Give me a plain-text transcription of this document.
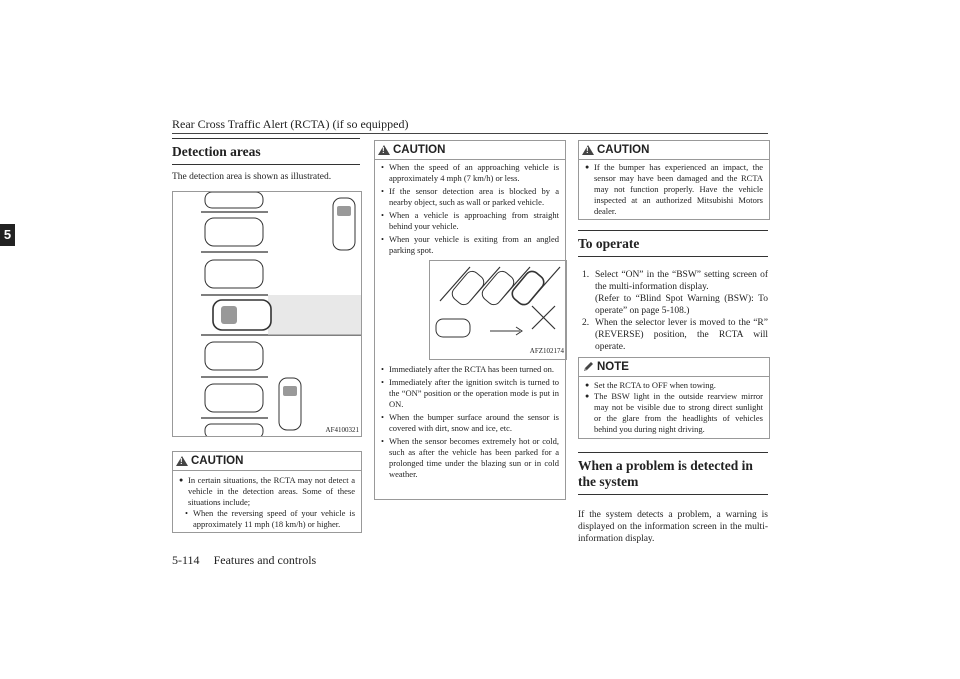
Rear Cross Traffic Alert (RCTA) (if so equipped)
5
Detection areas
The detection area is shown as illustrated.
AF4100321
!
CAUTION
● In certain situations, the RCTA may not detect a vehicle in the detection areas. Some of these situations include;
• When the reversing speed of your vehicle is approximately 11 mph (18 km/h) or higher.
!
CAUTION
• When the speed of an approaching vehicle is approximately 4 mph (7 km/h) or less.
• If the sensor detection area is blocked by a nearby object, such as wall or parked vehicle.
• When a vehicle is approaching from straight behind your vehicle.
• When your vehicle is exiting from an angled parking spot.
AFZ102174
• Immediately after the RCTA has been turned on.
• Immediately after the ignition switch is turned to the “ON” position or the operation mode is put in ON.
• When the bumper surface around the sensor is covered with dirt, snow and ice, etc.
• When the sensor becomes extremely hot or cold, such as after the vehicle has been parked for a prolonged time under the blazing sun or in cold weather.
!
CAUTION
● If the bumper has experienced an impact, the sensor may have been damaged and the RCTA may not function properly. Have the vehicle inspected at an authorized Mitsubishi Motors dealer.
To operate
1. Select “ON” in the “BSW” setting screen of the multi-information display.
(Refer to “Blind Spot Warning (BSW): To operate” on page 5-108.)
2. When the selector lever is moved to the “R” (REVERSE) position, the RCTA will operate.
NOTE
● Set the RCTA to OFF when towing.
● The BSW light in the outside rearview mirror may not be visible due to strong direct sunlight or the glare from the headlights of vehicles behind you during night driving.
When a problem is detected in the system
If the system detects a problem, a warning is displayed on the information screen in the multi-information display.
5-114 Features and controls
